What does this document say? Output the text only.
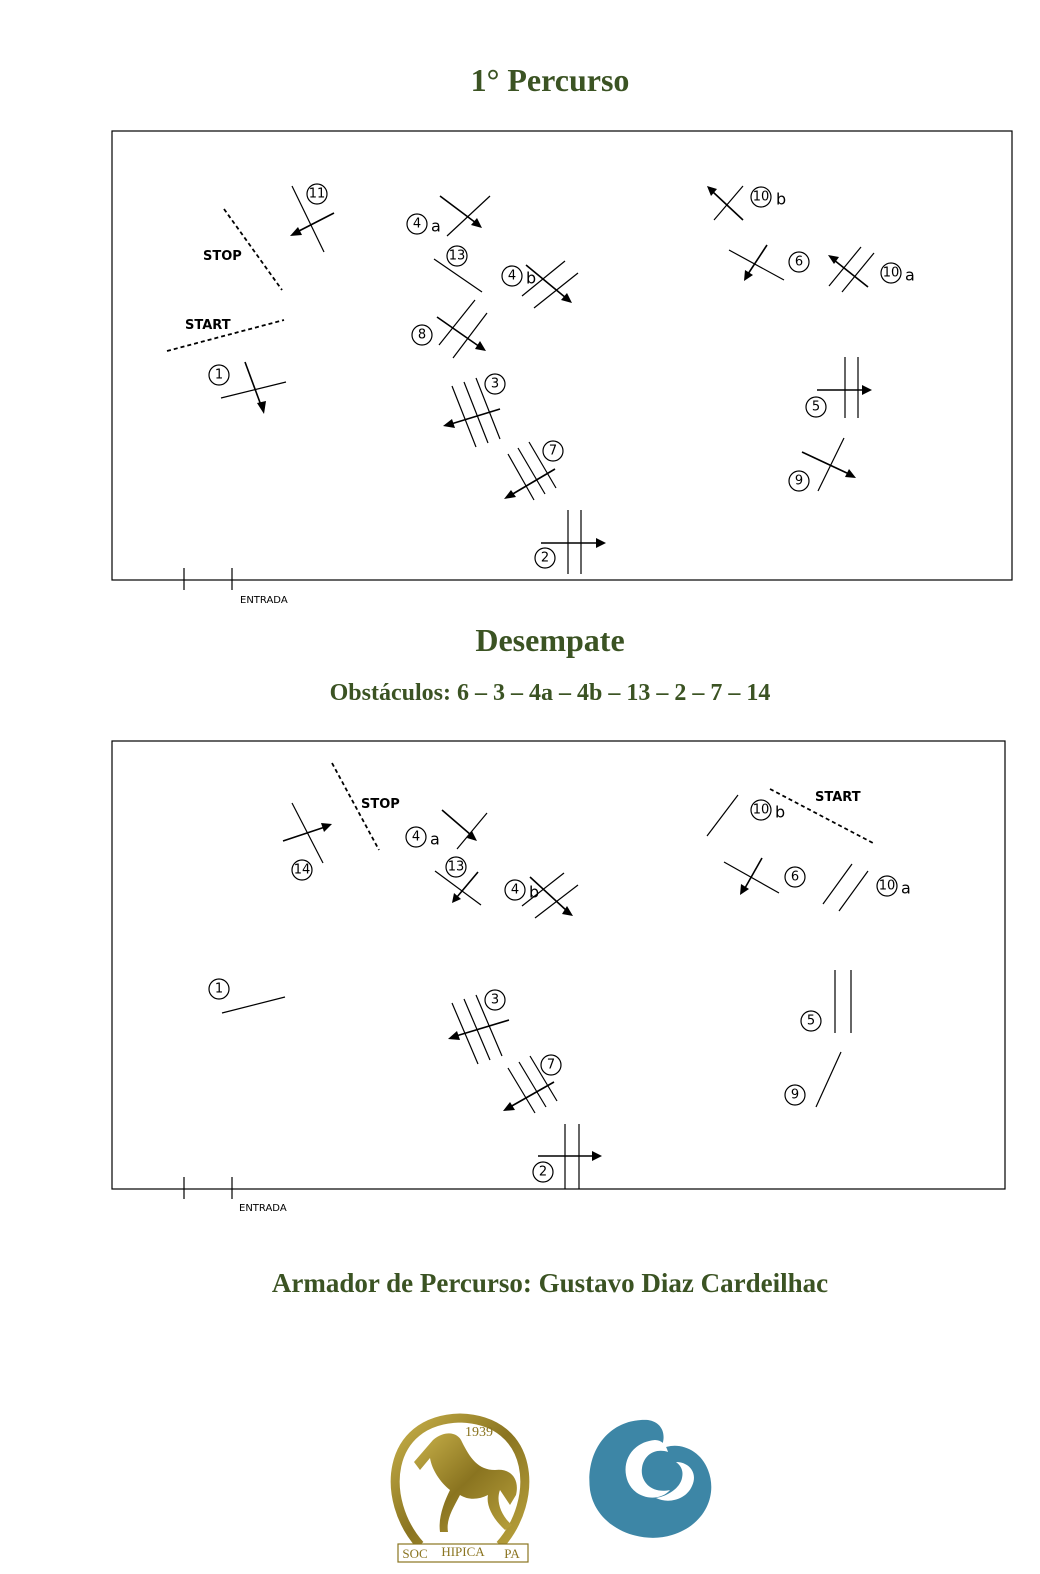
1° Percurso
Desempate
Obstáculos: 6 – 3 – 4a – 4b – 13 – 2 – 7 – 14
Armador de Percurso: Gustavo Diaz Cardeilhac
ENTRADA
STOP
START
1
11
4 a
13
4 b
8
3
7
2
10 b
6
10 a
5
9
ENTRADA
STOP	START
14
4 a
13
4 b
10 b
6
10 a
1
3
7
2
5
9
1939
SOC HIPICA PA
